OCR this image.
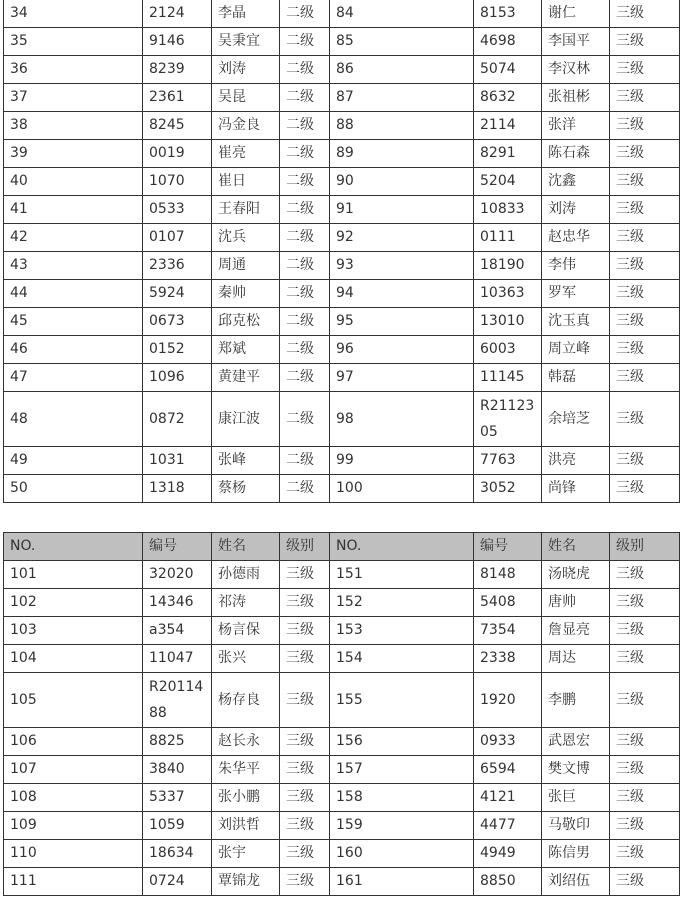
34	2124	李晶	二级	84	8153	谢仁	三级
35	9146	吴秉宜	二级	85	4698	李国平	三级
36	8239	刘涛	二级	86	5074	李汉林	三级
37	2361	吴昆	二级	87	8632	张祖彬	三级
38	8245	冯金良	二级	88	2114	张洋	三级
39	0019	崔亮	二级	89	8291	陈石森	三级
40	1070	崔日	二级	90	5204	沈鑫	三级
41	0533	王春阳	二级	91	10833	刘涛	三级
42	0107	沈兵	二级	92	0111	赵忠华	三级
43	2336	周通	二级	93	18190	李伟	三级
44	5924	秦帅	二级	94	10363	罗军	三级
45	0673	邱克松	二级	95	13010	沈玉真	三级
46	0152	郑斌	二级	96	6003	周立峰	三级
47	1096	黄建平	二级	97	11145	韩磊	三级
48	0872	康江波	二级	98	R2112305	余培芝	三级
49	1031	张峰	二级	99	7763	洪亮	三级
50	1318	蔡杨	二级	100	3052	尚锋	三级
NO.	编号	姓名	级别	NO.	编号	姓名	级别
101	32020	孙德雨	三级	151	8148	汤晓虎	三级
102	14346	祁涛	三级	152	5408	唐帅	三级
103	a354	杨言保	三级	153	7354	詹显亮	三级
104	11047	张兴	三级	154	2338	周达	三级
105	R2011488	杨存良	三级	155	1920	李鹏	三级
106	8825	赵长永	三级	156	0933	武恩宏	三级
107	3840	朱华平	三级	157	6594	樊文博	三级
108	5337	张小鹏	三级	158	4121	张巨	三级
109	1059	刘洪哲	三级	159	4477	马敬印	三级
110	18634	张宇	三级	160	4949	陈信男	三级
111	0724	覃锦龙	三级	161	8850	刘绍伍	三级
